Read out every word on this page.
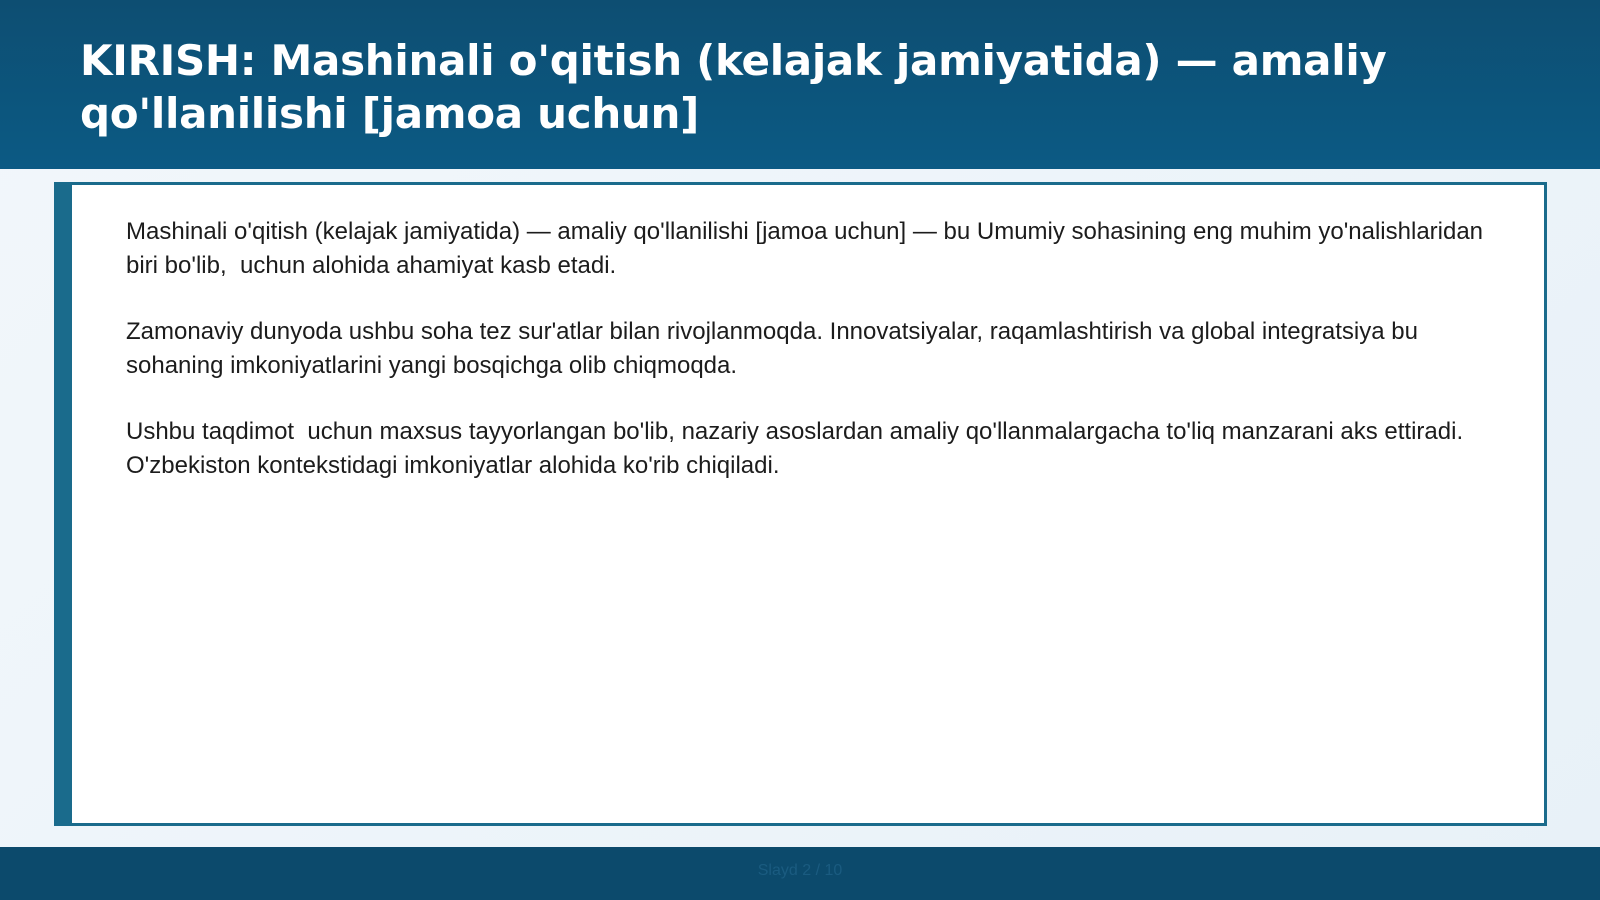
KIRISH: Mashinali o'qitish (kelajak jamiyatida) — amaliy qo'llanilishi [jamoa uchun]

Mashinali o'qitish (kelajak jamiyatida) — amaliy qo'llanilishi [jamoa uchun] — bu Umumiy sohasining eng muhim yo'nalishlaridan biri bo'lib,  uchun alohida ahamiyat kasb etadi.

Zamonaviy dunyoda ushbu soha tez sur'atlar bilan rivojlanmoqda. Innovatsiyalar, raqamlashtirish va global integratsiya bu sohaning imkoniyatlarini yangi bosqichga olib chiqmoqda.

Ushbu taqdimot  uchun maxsus tayyorlangan bo'lib, nazariy asoslardan amaliy qo'llanmalargacha to'liq manzarani aks ettiradi. O'zbekiston kontekstidagi imkoniyatlar alohida ko'rib chiqiladi.

Slayd 2 / 10
